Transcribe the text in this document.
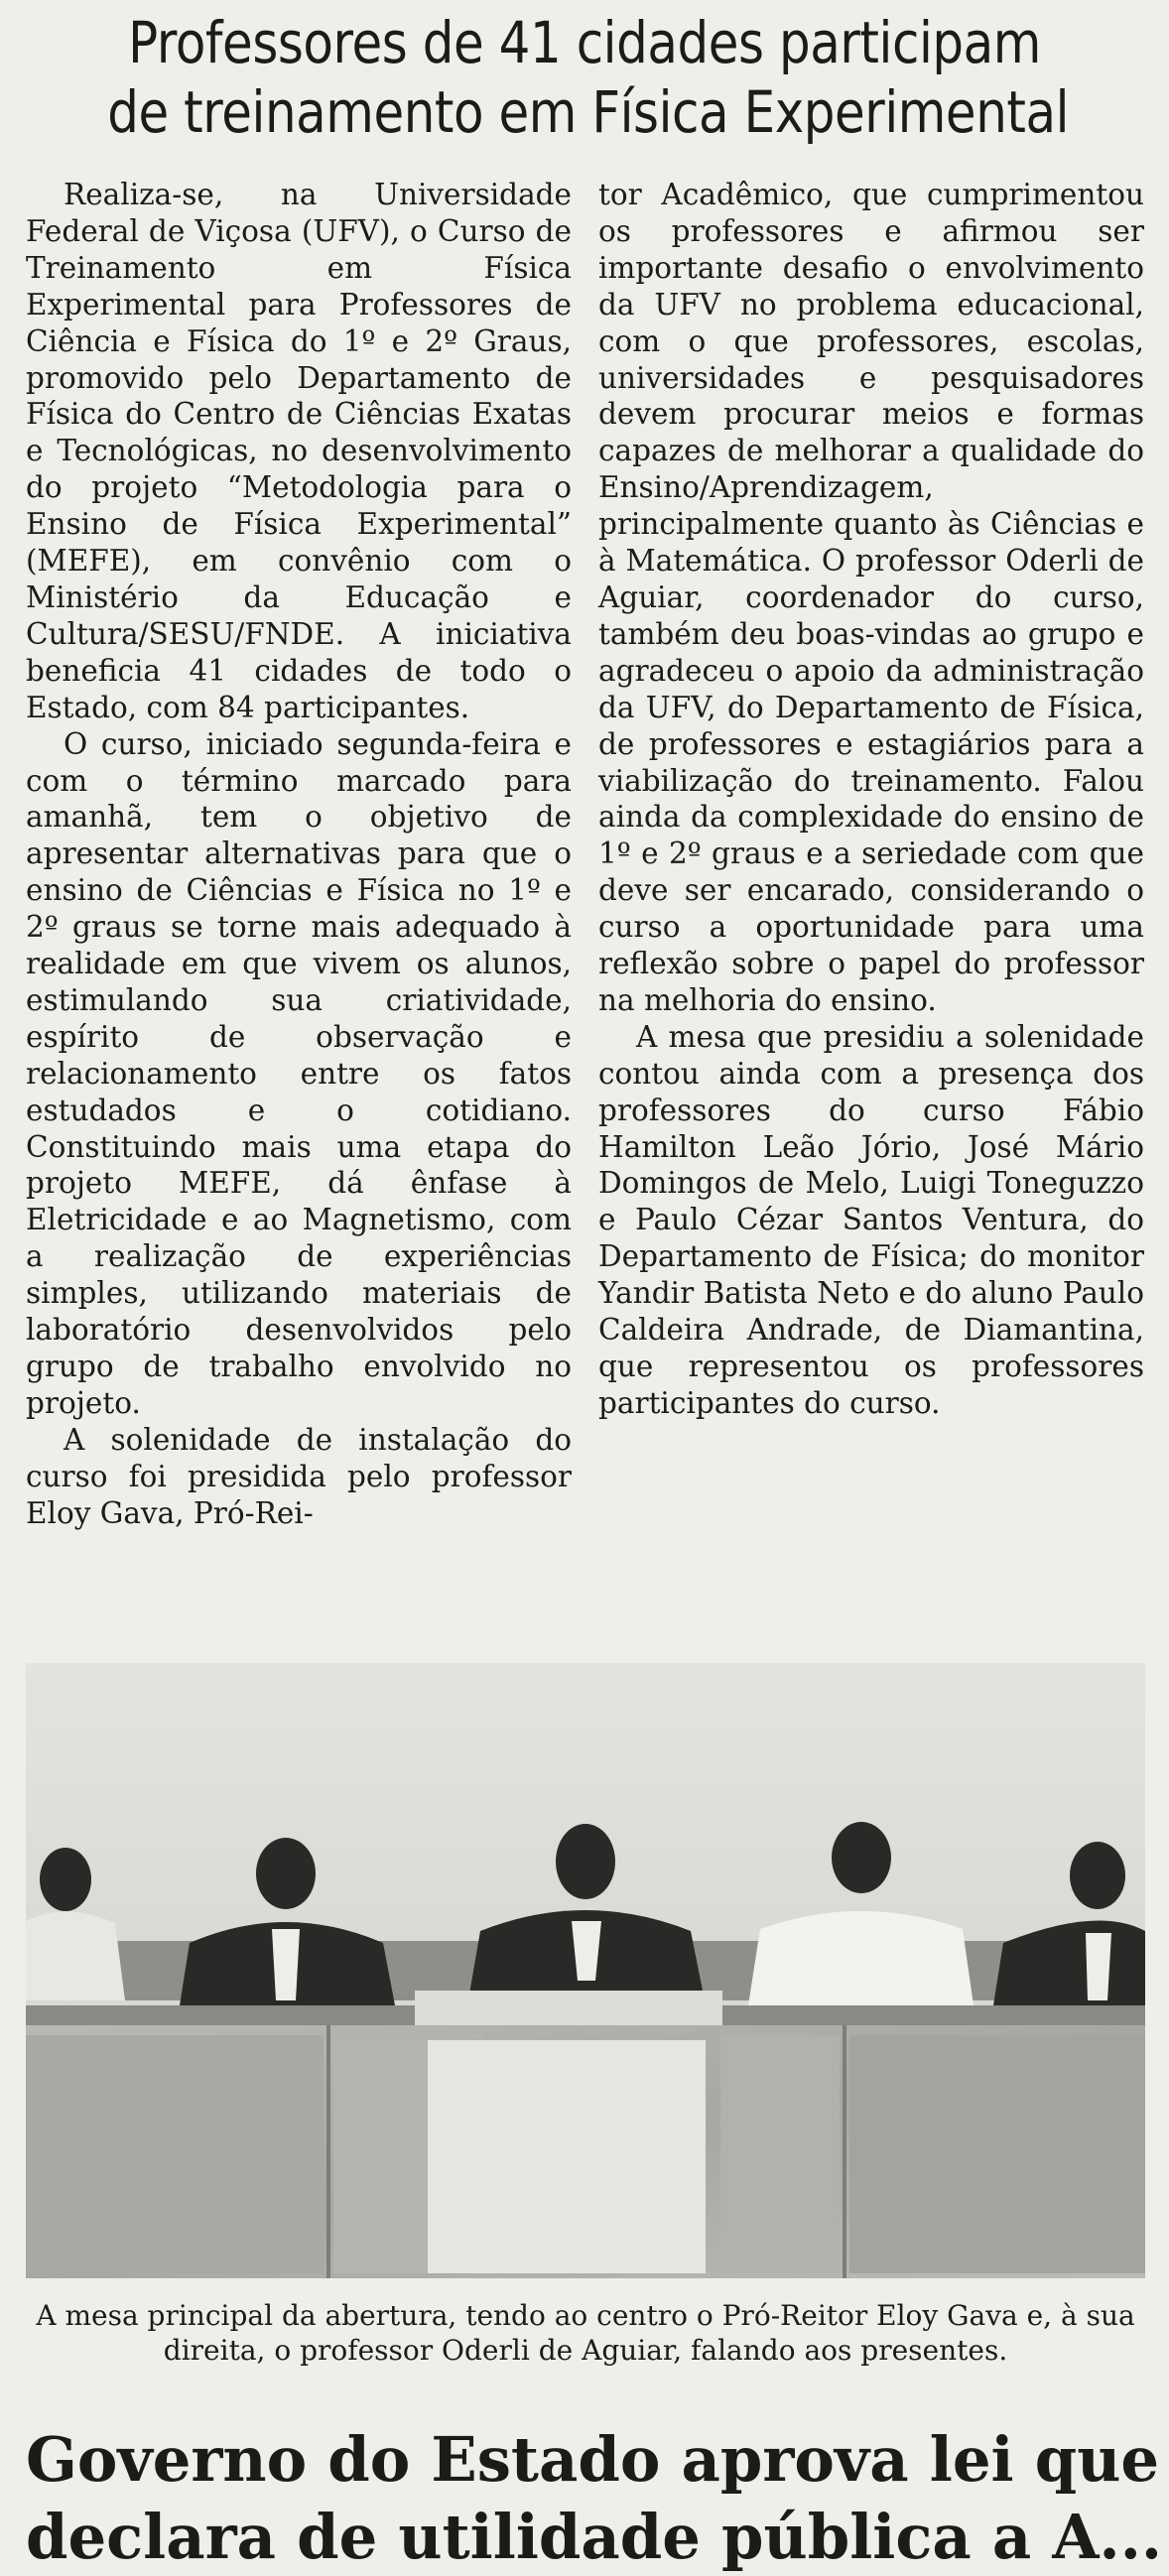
Professores de 41 cidades participam
de treinamento em Física Experimental

Realiza-se, na Universidade Federal de Viçosa (UFV), o Curso de Treinamento em Física Experimental para Professores de Ciência e Física do 1º e 2º Graus, promovido pelo Departamento de Física do Centro de Ciências Exatas e Tecnológicas, no desenvolvimento do projeto “Metodologia para o Ensino de Física Experimental” (MEFE), em convênio com o Ministério da Educação e Cultura/SESU/FNDE. A iniciativa beneficia 41 cidades de todo o Estado, com 84 participantes.

O curso, iniciado segunda-feira e com o término marcado para amanhã, tem o objetivo de apresentar alternativas para que o ensino de Ciências e Física no 1º e 2º graus se torne mais adequado à realidade em que vivem os alunos, estimulando sua criatividade, espírito de observação e relacionamento entre os fatos estudados e o cotidiano. Constituindo mais uma etapa do projeto MEFE, dá ênfase à Eletricidade e ao Magnetismo, com a realização de experiências simples, utilizando materiais de laboratório desenvolvidos pelo grupo de trabalho envolvido no projeto.

A solenidade de instalação do curso foi presidida pelo professor Eloy Gava, Pró-Rei-

tor Acadêmico, que cumprimentou os professores e afirmou ser importante desafio o envolvimento da UFV no problema educacional, com o que professores, escolas, universidades e pesquisadores devem procurar meios e formas capazes de melhorar a qualidade do Ensino/Aprendizagem, principalmente quanto às Ciências e à Matemática. O professor Oderli de Aguiar, coordenador do curso, também deu boas-vindas ao grupo e agradeceu o apoio da administração da UFV, do Departamento de Física, de professores e estagiários para a viabilização do treinamento. Falou ainda da complexidade do ensino de 1º e 2º graus e a seriedade com que deve ser encarado, considerando o curso a oportunidade para uma reflexão sobre o papel do professor na melhoria do ensino.

A mesa que presidiu a solenidade contou ainda com a presença dos professores do curso Fábio Hamilton Leão Jório, José Mário Domingos de Melo, Luigi Toneguzzo e Paulo Cézar Santos Ventura, do Departamento de Física; do monitor Yandir Batista Neto e do aluno Paulo Caldeira Andrade, de Diamantina, que representou os professores participantes do curso.

A mesa principal da abertura, tendo ao centro o Pró-Reitor Eloy Gava e, à sua direita, o professor Oderli de Aguiar, falando aos presentes.

Governo do Estado aprova lei que
declara de utilidade pública a A...
